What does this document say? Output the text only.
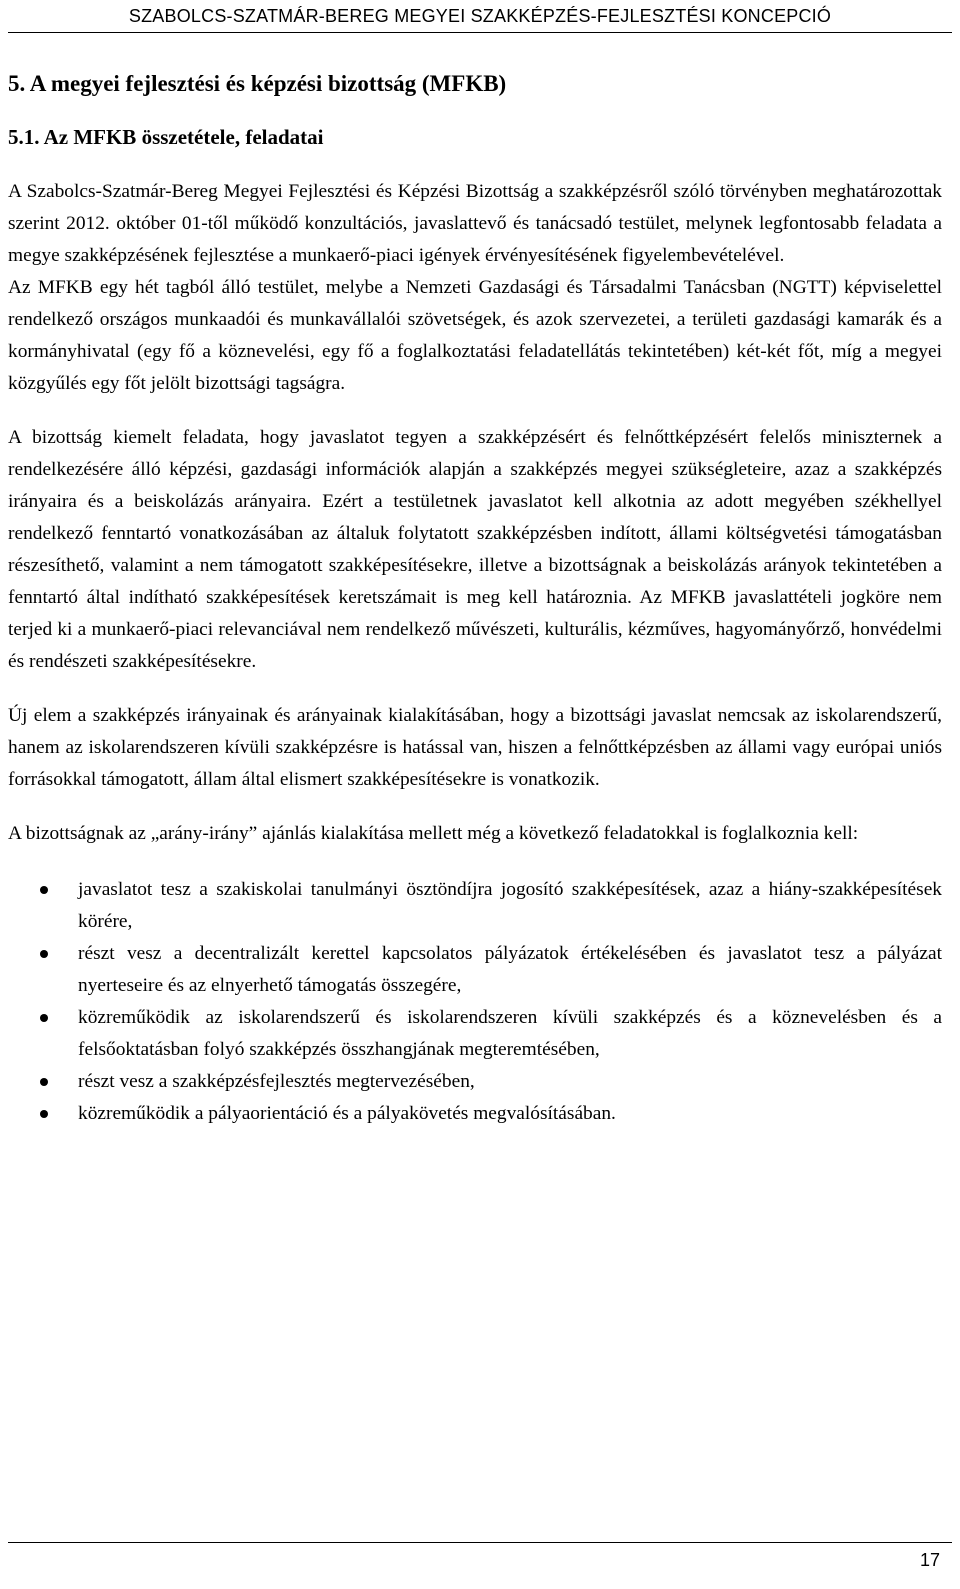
SZABOLCS-SZATMÁR-BEREG MEGYEI SZAKKÉPZÉS-FEJLESZTÉSI KONCEPCIÓ
5. A megyei fejlesztési és képzési bizottság (MFKB)
5.1. Az MFKB összetétele, feladatai

A Szabolcs-Szatmár-Bereg Megyei Fejlesztési és Képzési Bizottság a szakképzésről szóló törvényben meghatározottak szerint 2012. október 01-től működő konzultációs, javaslattevő és tanácsadó testület, melynek legfontosabb feladata a megye szakképzésének fejlesztése a munkaerő-piaci igények érvényesítésének figyelembevételével.

Az MFKB egy hét tagból álló testület, melybe a Nemzeti Gazdasági és Társadalmi Tanácsban (NGTT) képviselettel rendelkező országos munkaadói és munkavállalói szövetségek, és azok szervezetei, a területi gazdasági kamarák és a kormányhivatal (egy fő a köznevelési, egy fő a foglalkoztatási feladatellátás tekintetében) két-két főt, míg a megyei közgyűlés egy főt jelölt bizottsági tagságra.

A bizottság kiemelt feladata, hogy javaslatot tegyen a szakképzésért és felnőttképzésért felelős miniszternek a rendelkezésére álló képzési, gazdasági információk alapján a szakképzés megyei szükségleteire, azaz a szakképzés irányaira és a beiskolázás arányaira. Ezért a testületnek javaslatot kell alkotnia az adott megyében székhellyel rendelkező fenntartó vonatkozásában az általuk folytatott szakképzésben indított, állami költségvetési támogatásban részesíthető, valamint a nem támogatott szakképesítésekre, illetve a bizottságnak a beiskolázás arányok tekintetében a fenntartó által indítható szakképesítések keretszámait is meg kell határoznia. Az MFKB javaslattételi jogköre nem terjed ki a munkaerő-piaci relevanciával nem rendelkező művészeti, kulturális, kézműves, hagyományőrző, honvédelmi és rendészeti szakképesítésekre.

Új elem a szakképzés irányainak és arányainak kialakításában, hogy a bizottsági javaslat nemcsak az iskolarendszerű, hanem az iskolarendszeren kívüli szakképzésre is hatással van, hiszen a felnőttképzésben az állami vagy európai uniós forrásokkal támogatott, állam által elismert szakképesítésekre is vonatkozik.

A bizottságnak az „arány-irány” ajánlás kialakítása mellett még a következő feladatokkal is foglalkoznia kell:

javaslatot tesz a szakiskolai tanulmányi ösztöndíjra jogosító szakképesítések, azaz a hiány-szakképesítések körére,
részt vesz a decentralizált kerettel kapcsolatos pályázatok értékelésében és javaslatot tesz a pályázat nyerteseire és az elnyerhető támogatás összegére,
közreműködik az iskolarendszerű és iskolarendszeren kívüli szakképzés és a köznevelésben és a felsőoktatásban folyó szakképzés összhangjának megteremtésében,
részt vesz a szakképzésfejlesztés megtervezésében,
közreműködik a pályaorientáció és a pályakövetés megvalósításában.
17
